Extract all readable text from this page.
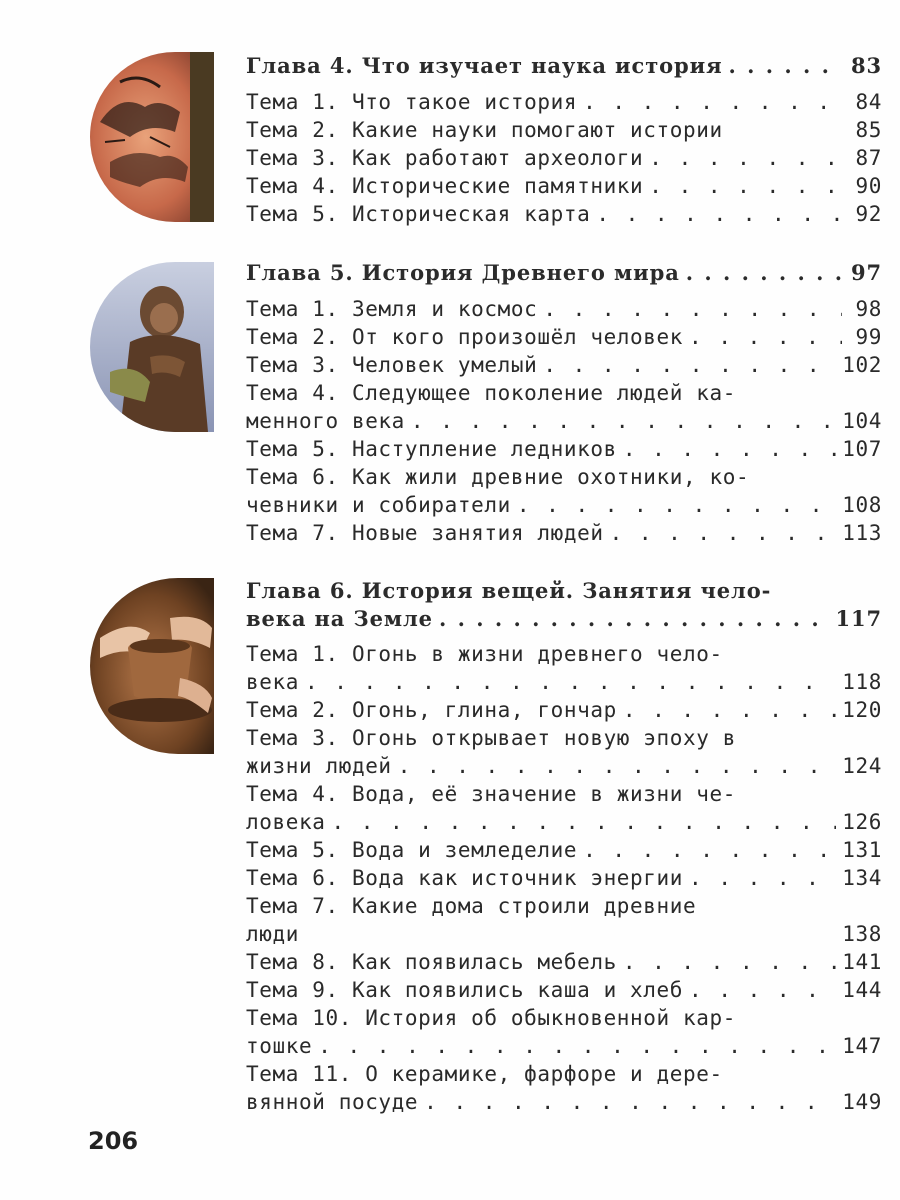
Глава 4. Что изучает наука история . . .	83
Тема 1. Что такое история . . .	84
Тема 2. Какие науки помогают истории	85
Тема 3. Как работают археологи . . .	87
Тема 4. Исторические памятники . . .	90
Тема 5. Историческая карта . . .	92
Глава 5. История Древнего мира . . .	97
Тема 1. Земля и космос . . .	98
Тема 2. От кого произошёл человек . . .	99
Тема 3. Человек умелый . . .	102
Тема 4. Следующее поколение людей ка-
менного века . . .	104
Тема 5. Наступление ледников . . .	107
Тема 6. Как жили древние охотники, ко-
чевники и собиратели . . .	108
Тема 7. Новые занятия людей . . .	113
Глава 6. История вещей. Занятия чело-
века на Земле . . .	117
Тема 1. Огонь в жизни древнего чело-
века . . .	118
Тема 2. Огонь, глина, гончар . . .	120
Тема 3. Огонь открывает новую эпоху в
жизни людей . . .	124
Тема 4. Вода, её значение в жизни че-
ловека . . .	126
Тема 5. Вода и земледелие . . .	131
Тема 6. Вода как источник энергии . . .	134
Тема 7. Какие дома строили древние
люди	138
Тема 8. Как появилась мебель . . .	141
Тема 9. Как появились каша и хлеб . . .	144
Тема 10. История об обыкновенной кар-
тошке . . .	147
Тема 11. О керамике, фарфоре и дере-
вянной посуде . . .	149
206
